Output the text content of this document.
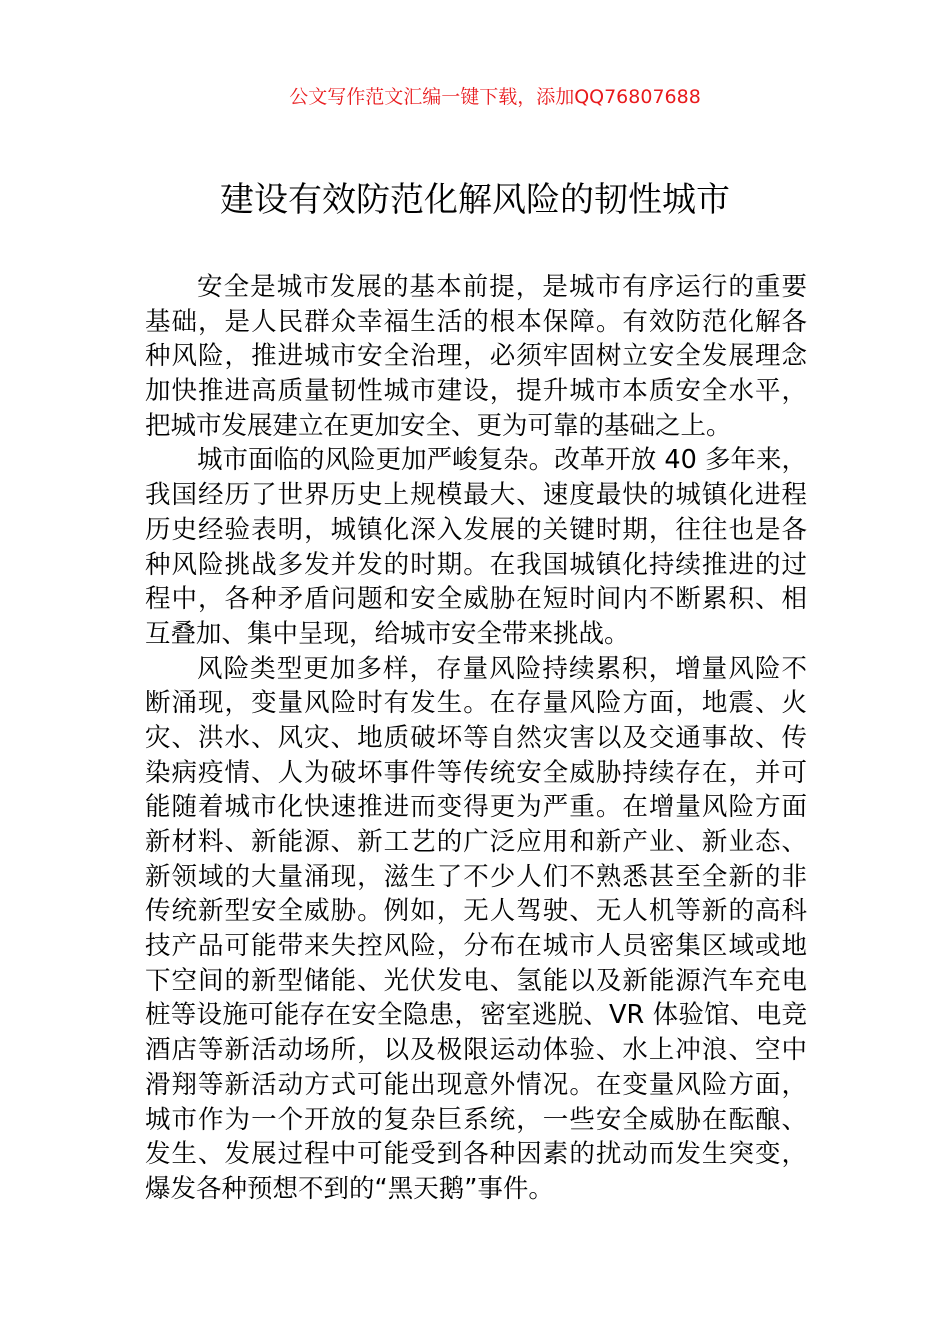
公文写作范文汇编一键下载，添加QQ76807688
建设有效防范化解风险的韧性城市
安全是城市发展的基本前提，是城市有序运行的重要
基础，是人民群众幸福生活的根本保障。有效防范化解各
种风险，推进城市安全治理，必须牢固树立安全发展理念
加快推进高质量韧性城市建设，提升城市本质安全水平，
把城市发展建立在更加安全、更为可靠的基础之上。
城市面临的风险更加严峻复杂。改革开放 40 多年来，
我国经历了世界历史上规模最大、速度最快的城镇化进程
历史经验表明，城镇化深入发展的关键时期，往往也是各
种风险挑战多发并发的时期。在我国城镇化持续推进的过
程中，各种矛盾问题和安全威胁在短时间内不断累积、相
互叠加、集中呈现，给城市安全带来挑战。
风险类型更加多样，存量风险持续累积，增量风险不
断涌现，变量风险时有发生。在存量风险方面，地震、火
灾、洪水、风灾、地质破坏等自然灾害以及交通事故、传
染病疫情、人为破坏事件等传统安全威胁持续存在，并可
能随着城市化快速推进而变得更为严重。在增量风险方面
新材料、新能源、新工艺的广泛应用和新产业、新业态、
新领域的大量涌现，滋生了不少人们不熟悉甚至全新的非
传统新型安全威胁。例如，无人驾驶、无人机等新的高科
技产品可能带来失控风险，分布在城市人员密集区域或地
下空间的新型储能、光伏发电、氢能以及新能源汽车充电
桩等设施可能存在安全隐患，密室逃脱、VR 体验馆、电竞
酒店等新活动场所，以及极限运动体验、水上冲浪、空中
滑翔等新活动方式可能出现意外情况。在变量风险方面，
城市作为一个开放的复杂巨系统，一些安全威胁在酝酿、
发生、发展过程中可能受到各种因素的扰动而发生突变，
爆发各种预想不到的“黑天鹅”事件。
